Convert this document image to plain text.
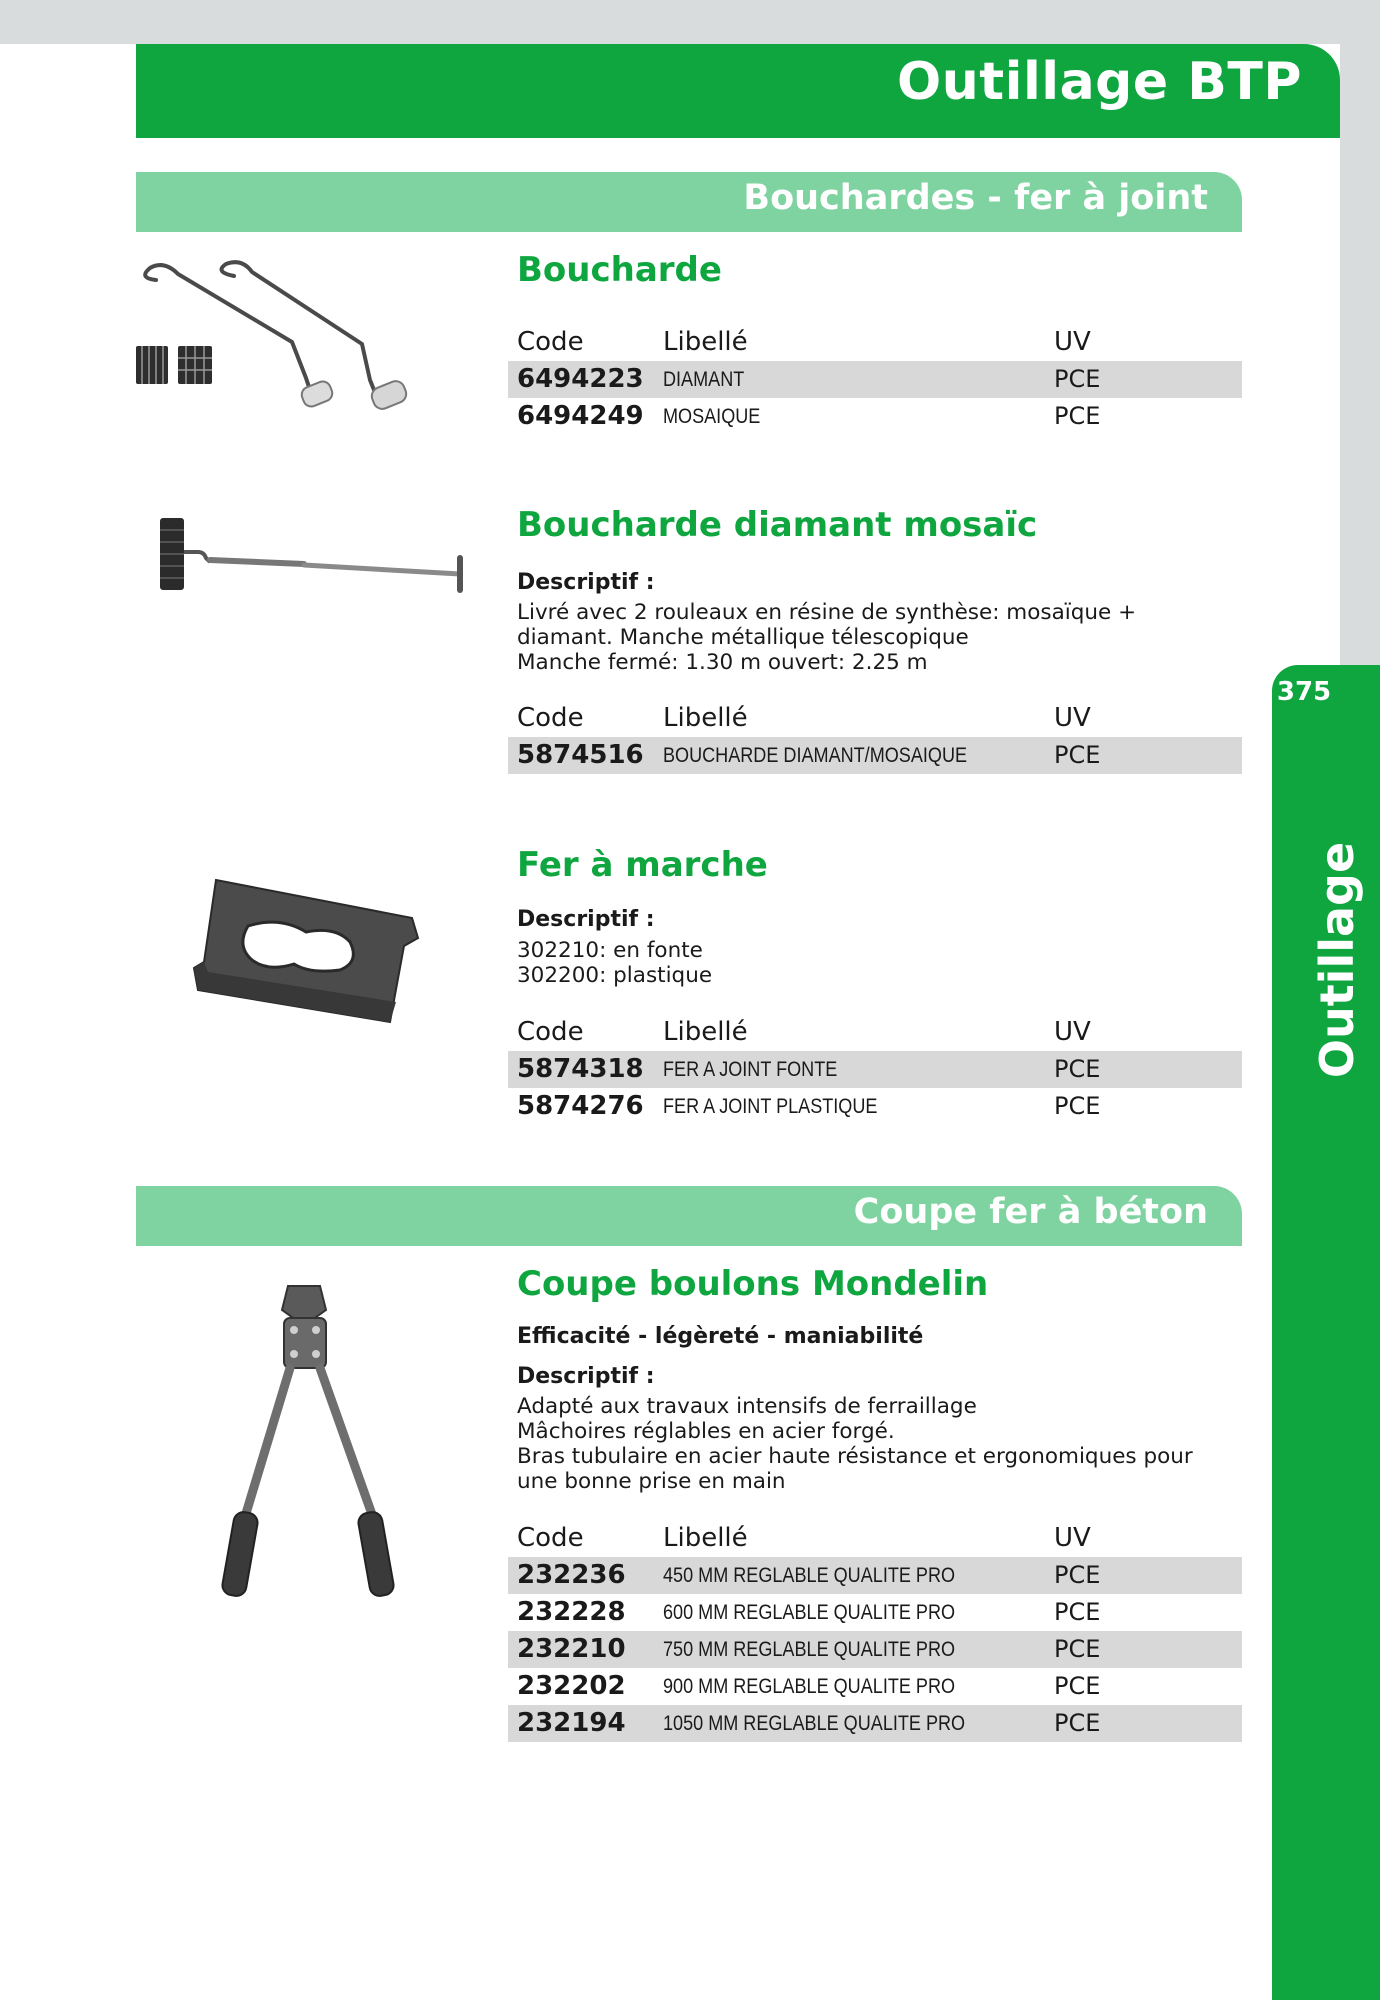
Outillage BTP
375
Outillage
Bouchardes - fer à joint
Boucharde
Code	Libellé	UV
6494223 DIAMANT	PCE
6494249 MOSAIQUE	PCE
Boucharde diamant mosaïc
Descriptif :
Livré avec 2 rouleaux en résine de synthèse: mosaïque +
diamant. Manche métallique télescopique
Manche fermé: 1.30 m ouvert: 2.25 m
Code	Libellé	UV
5874516 BOUCHARDE DIAMANT/MOSAIQUE	PCE
Fer à marche
Descriptif :
302210: en fonte
302200: plastique
Code	Libellé	UV
5874318 FER A JOINT FONTE	PCE
5874276 FER A JOINT PLASTIQUE	PCE
Coupe fer à béton
Coupe boulons Mondelin
Efficacité - légèreté - maniabilité
Descriptif :
Adapté aux travaux intensifs de ferraillage
Mâchoires réglables en acier forgé.
Bras tubulaire en acier haute résistance et ergonomiques pour
une bonne prise en main
Code	Libellé	UV
232236 450 MM REGLABLE QUALITE PRO	PCE
232228 600 MM REGLABLE QUALITE PRO	PCE
232210 750 MM REGLABLE QUALITE PRO	PCE
232202 900 MM REGLABLE QUALITE PRO	PCE
232194 1050 MM REGLABLE QUALITE PRO	PCE
